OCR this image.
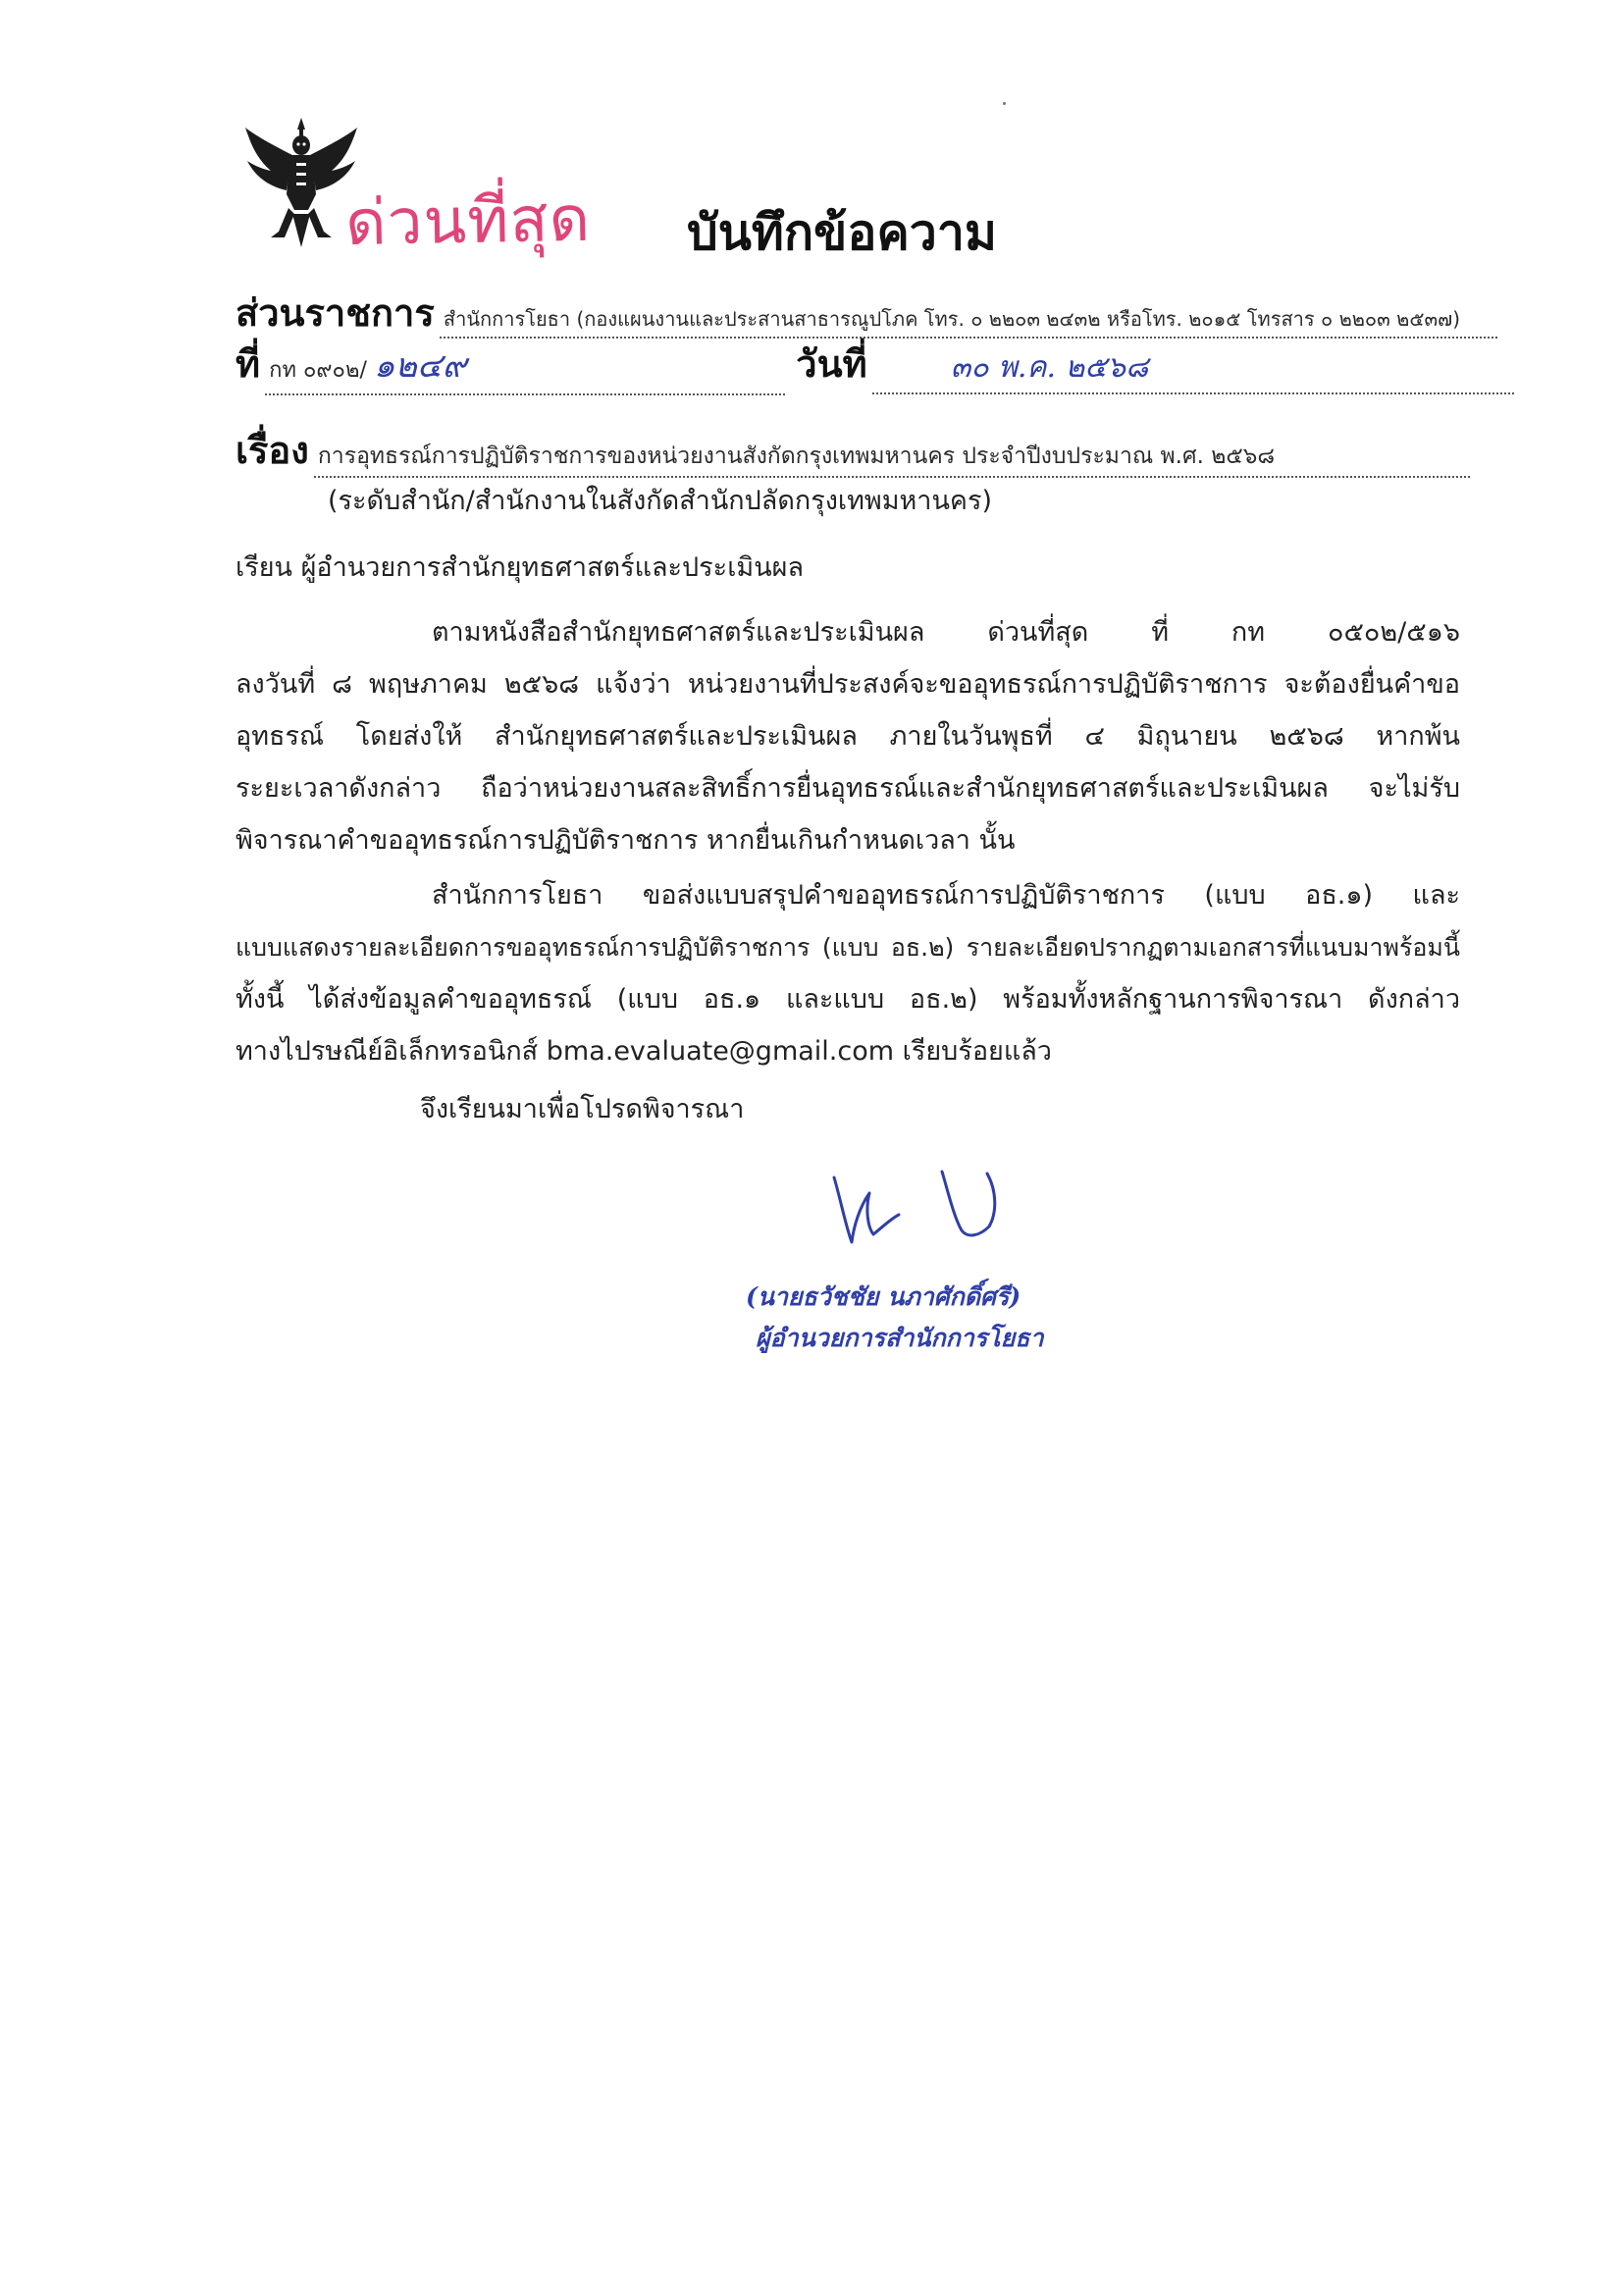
ด่วนที่สุด บันทึกข้อความ
ส่วนราชการ สำนักการโยธา (กองแผนงานและประสานสาธารณูปโภค โทร. ๐ ๒๒๐๓ ๒๔๓๒ หรือโทร. ๒๐๑๕ โทรสาร ๐ ๒๒๐๓ ๒๕๓๗)
ที่ กท ๐๙๐๒/ ๑๒๔๙	วันที่	๓๐ พ.ค. ๒๕๖๘
เรื่อง การอุทธรณ์การปฏิบัติราชการของหน่วยงานสังกัดกรุงเทพมหานคร ประจำปีงบประมาณ พ.ศ. ๒๕๖๘
(ระดับสำนัก/สำนักงานในสังกัดสำนักปลัดกรุงเทพมหานคร)
เรียน ผู้อำนวยการสำนักยุทธศาสตร์และประเมินผล
ตามหนังสือสำนักยุทธศาสตร์และประเมินผล ด่วนที่สุด ที่ กท ๐๕๐๒/๕๑๖
ลงวันที่ ๘ พฤษภาคม ๒๕๖๘ แจ้งว่า หน่วยงานที่ประสงค์จะขออุทธรณ์การปฏิบัติราชการ จะต้องยื่นคำขอ
อุทธรณ์ โดยส่งให้ สำนักยุทธศาสตร์และประเมินผล ภายในวันพุธที่ ๔ มิถุนายน ๒๕๖๘ หากพ้น
ระยะเวลาดังกล่าว ถือว่าหน่วยงานสละสิทธิ์การยื่นอุทธรณ์และสำนักยุทธศาสตร์และประเมินผล จะไม่รับ
พิจารณาคำขออุทธรณ์การปฏิบัติราชการ หากยื่นเกินกำหนดเวลา นั้น
สำนักการโยธา ขอส่งแบบสรุปคำขออุทธรณ์การปฏิบัติราชการ (แบบ อธ.๑) และ
แบบแสดงรายละเอียดการขออุทธรณ์การปฏิบัติราชการ (แบบ อธ.๒) รายละเอียดปรากฏตามเอกสารที่แนบมาพร้อมนี้
ทั้งนี้ ได้ส่งข้อมูลคำขออุทธรณ์ (แบบ อธ.๑ และแบบ อธ.๒) พร้อมทั้งหลักฐานการพิจารณา ดังกล่าว
ทางไปรษณีย์อิเล็กทรอนิกส์ bma.evaluate@gmail.com เรียบร้อยแล้ว
จึงเรียนมาเพื่อโปรดพิจารณา
(นายธวัชชัย นภาศักดิ์ศรี)
ผู้อำนวยการสำนักการโยธา
